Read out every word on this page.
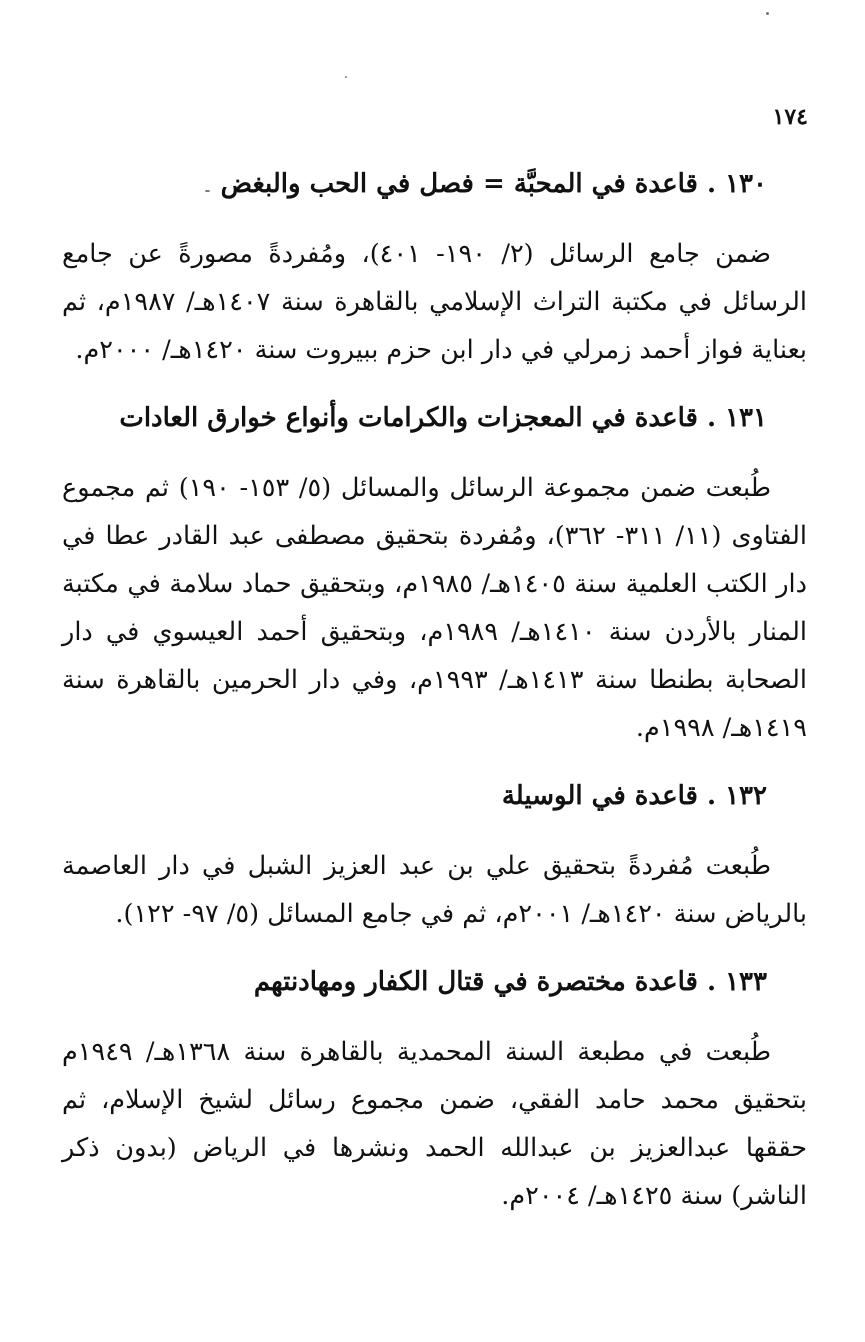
١٧٤
١٣٠ . قاعدة في المحبَّة = فصل في الحب والبغض

ضمن جامع الرسائل (٢/ ١٩٠- ٤٠١)، ومُفردةً مصورةً عن جامع الرسائل في مكتبة التراث الإسلامي بالقاهرة سنة ١٤٠٧هـ/ ١٩٨٧م، ثم بعناية فواز أحمد زمرلي في دار ابن حزم ببيروت سنة ١٤٢٠هـ/ ٢٠٠٠م.

١٣١ . قاعدة في المعجزات والكرامات وأنواع خوارق العادات

طُبعت ضمن مجموعة الرسائل والمسائل (٥/ ١٥٣- ١٩٠) ثم مجموع الفتاوى (١١/ ٣١١- ٣٦٢)، ومُفردة بتحقيق مصطفى عبد القادر عطا في دار الكتب العلمية سنة ١٤٠٥هـ/ ١٩٨٥م، وبتحقيق حماد سلامة في مكتبة المنار بالأردن سنة ١٤١٠هـ/ ١٩٨٩م، وبتحقيق أحمد العيسوي في دار الصحابة بطنطا سنة ١٤١٣هـ/ ١٩٩٣م، وفي دار الحرمين بالقاهرة سنة ١٤١٩هـ/ ١٩٩٨م.

١٣٢ . قاعدة في الوسيلة

طُبعت مُفردةً بتحقيق علي بن عبد العزيز الشبل في دار العاصمة بالرياض سنة ١٤٢٠هـ/ ٢٠٠١م، ثم في جامع المسائل (٥/ ٩٧- ١٢٢).

١٣٣ . قاعدة مختصرة في قتال الكفار ومهادنتهم

طُبعت في مطبعة السنة المحمدية بالقاهرة سنة ١٣٦٨هـ/ ١٩٤٩م بتحقيق محمد حامد الفقي، ضمن مجموع رسائل لشيخ الإسلام، ثم حققها عبدالعزيز بن عبدالله الحمد ونشرها في الرياض (بدون ذكر الناشر) سنة ١٤٢٥هـ/ ٢٠٠٤م.
